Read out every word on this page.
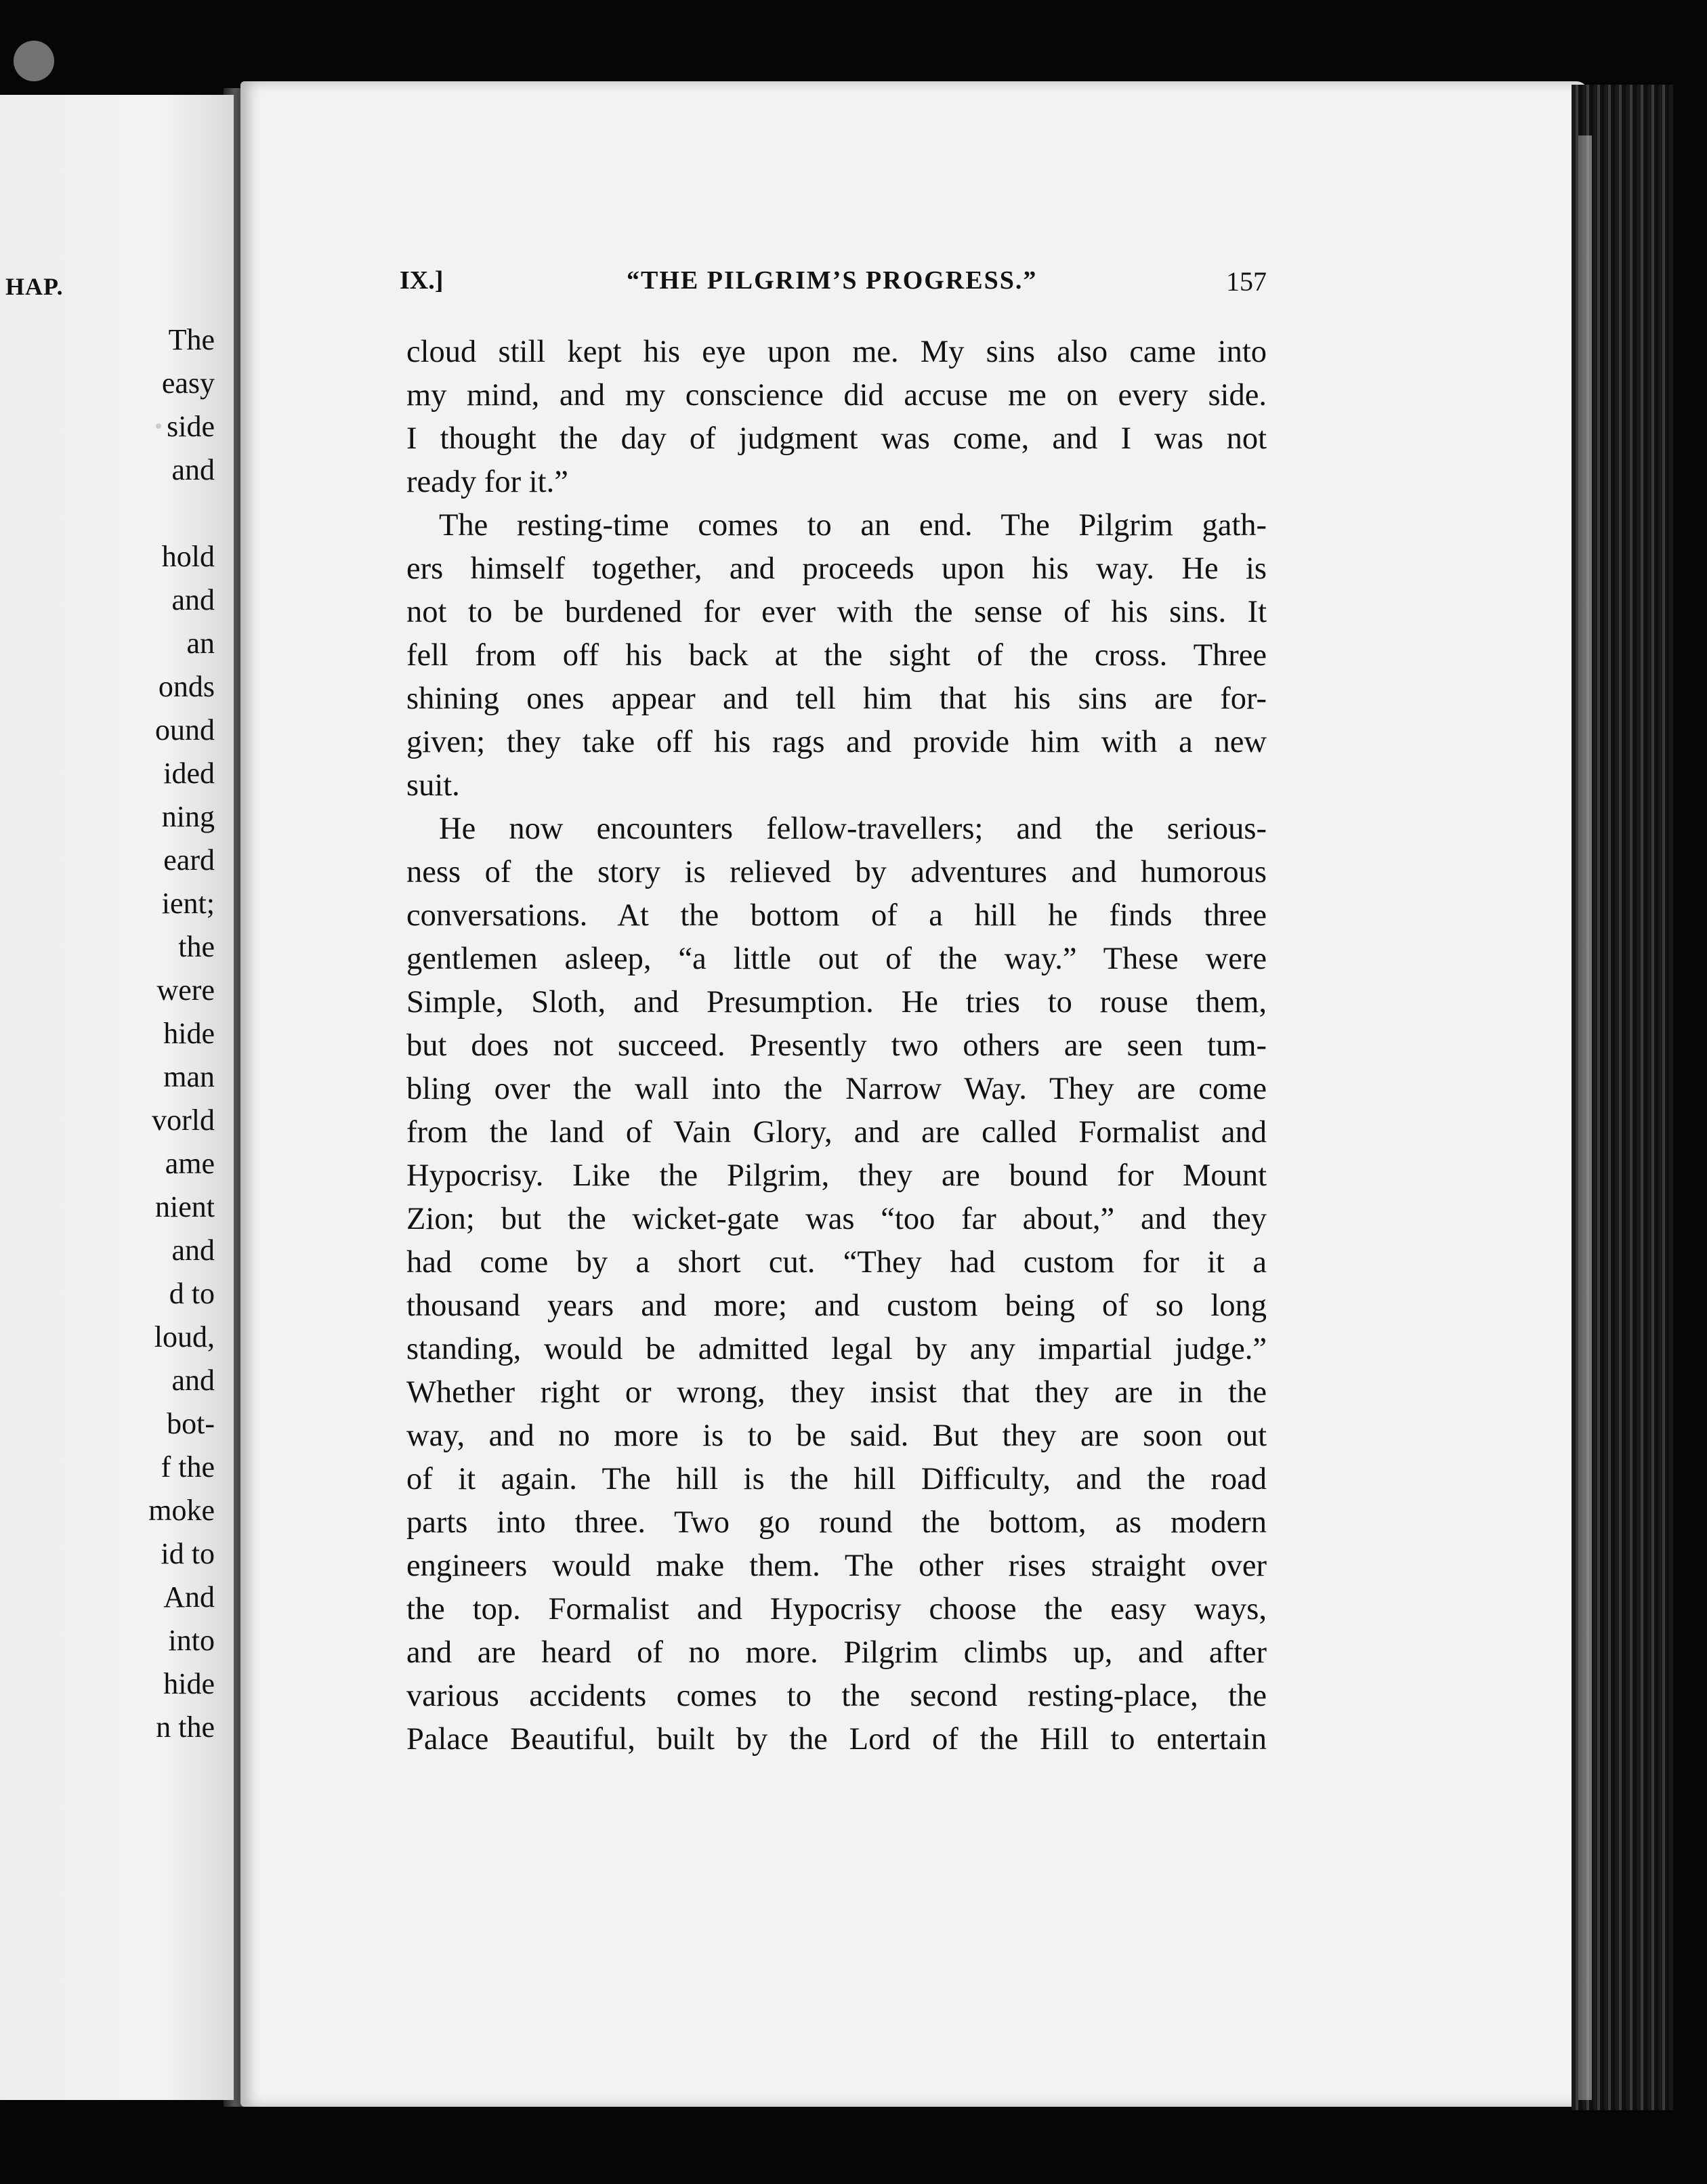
HAP.
The
easy
side
and
hold
and
an
onds
ound
ided
ning
eard
ient;
the
were
hide
man
vorld
ame
nient
and
d to
loud,
and
bot-
f the
moke
id to
And
into
hide
n the
IX.]	“THE PILGRIM’S PROGRESS.”	157
cloud still kept his eye upon me. My sins also came into
my mind, and my conscience did accuse me on every side.
I thought the day of judgment was come, and I was not
ready for it.”
The resting-time comes to an end. The Pilgrim gath-
ers himself together, and proceeds upon his way. He is
not to be burdened for ever with the sense of his sins. It
fell from off his back at the sight of the cross. Three
shining ones appear and tell him that his sins are for-
given; they take off his rags and provide him with a new
suit.
He now encounters fellow-travellers; and the serious-
ness of the story is relieved by adventures and humorous
conversations. At the bottom of a hill he finds three
gentlemen asleep, “a little out of the way.” These were
Simple, Sloth, and Presumption. He tries to rouse them,
but does not succeed. Presently two others are seen tum-
bling over the wall into the Narrow Way. They are come
from the land of Vain Glory, and are called Formalist and
Hypocrisy. Like the Pilgrim, they are bound for Mount
Zion; but the wicket-gate was “too far about,” and they
had come by a short cut. “They had custom for it a
thousand years and more; and custom being of so long
standing, would be admitted legal by any impartial judge.”
Whether right or wrong, they insist that they are in the
way, and no more is to be said. But they are soon out
of it again. The hill is the hill Difficulty, and the road
parts into three. Two go round the bottom, as modern
engineers would make them. The other rises straight over
the top. Formalist and Hypocrisy choose the easy ways,
and are heard of no more. Pilgrim climbs up, and after
various accidents comes to the second resting-place, the
Palace Beautiful, built by the Lord of the Hill to entertain
